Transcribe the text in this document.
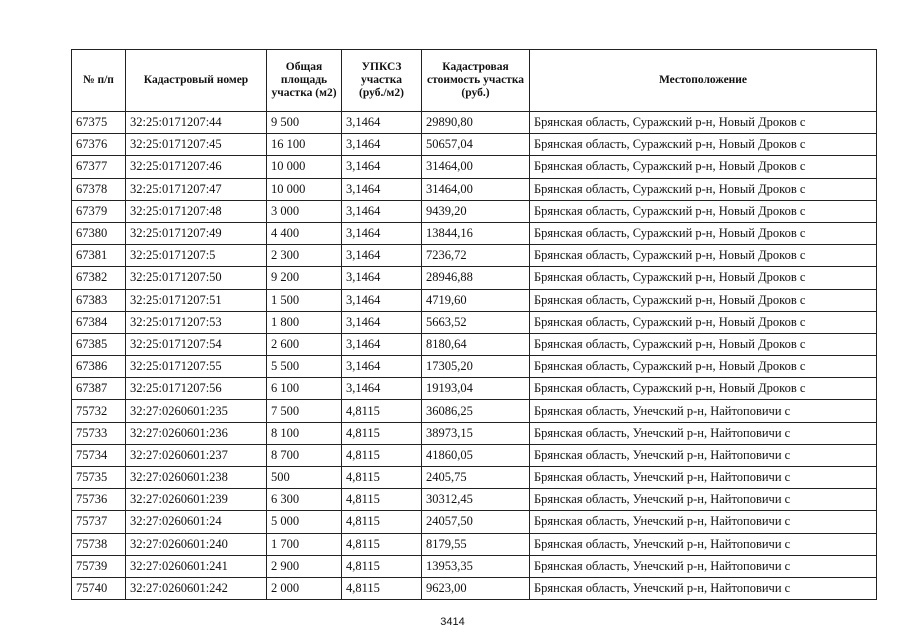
№ п/п	Кадастровый номер	Общая площадь участка (м2)	УПКСЗ участка (руб./м2)	Кадастровая стоимость участка (руб.)	Местоположение
67375	32:25:0171207:44	9 500	3,1464	29890,80	Брянская область, Суражский р-н, Новый Дроков с
67376	32:25:0171207:45	16 100	3,1464	50657,04	Брянская область, Суражский р-н, Новый Дроков с
67377	32:25:0171207:46	10 000	3,1464	31464,00	Брянская область, Суражский р-н, Новый Дроков с
67378	32:25:0171207:47	10 000	3,1464	31464,00	Брянская область, Суражский р-н, Новый Дроков с
67379	32:25:0171207:48	3 000	3,1464	9439,20	Брянская область, Суражский р-н, Новый Дроков с
67380	32:25:0171207:49	4 400	3,1464	13844,16	Брянская область, Суражский р-н, Новый Дроков с
67381	32:25:0171207:5	2 300	3,1464	7236,72	Брянская область, Суражский р-н, Новый Дроков с
67382	32:25:0171207:50	9 200	3,1464	28946,88	Брянская область, Суражский р-н, Новый Дроков с
67383	32:25:0171207:51	1 500	3,1464	4719,60	Брянская область, Суражский р-н, Новый Дроков с
67384	32:25:0171207:53	1 800	3,1464	5663,52	Брянская область, Суражский р-н, Новый Дроков с
67385	32:25:0171207:54	2 600	3,1464	8180,64	Брянская область, Суражский р-н, Новый Дроков с
67386	32:25:0171207:55	5 500	3,1464	17305,20	Брянская область, Суражский р-н, Новый Дроков с
67387	32:25:0171207:56	6 100	3,1464	19193,04	Брянская область, Суражский р-н, Новый Дроков с
75732	32:27:0260601:235	7 500	4,8115	36086,25	Брянская область, Унечский р-н, Найтоповичи с
75733	32:27:0260601:236	8 100	4,8115	38973,15	Брянская область, Унечский р-н, Найтоповичи с
75734	32:27:0260601:237	8 700	4,8115	41860,05	Брянская область, Унечский р-н, Найтоповичи с
75735	32:27:0260601:238	500	4,8115	2405,75	Брянская область, Унечский р-н, Найтоповичи с
75736	32:27:0260601:239	6 300	4,8115	30312,45	Брянская область, Унечский р-н, Найтоповичи с
75737	32:27:0260601:24	5 000	4,8115	24057,50	Брянская область, Унечский р-н, Найтоповичи с
75738	32:27:0260601:240	1 700	4,8115	8179,55	Брянская область, Унечский р-н, Найтоповичи с
75739	32:27:0260601:241	2 900	4,8115	13953,35	Брянская область, Унечский р-н, Найтоповичи с
75740	32:27:0260601:242	2 000	4,8115	9623,00	Брянская область, Унечский р-н, Найтоповичи с
3414
